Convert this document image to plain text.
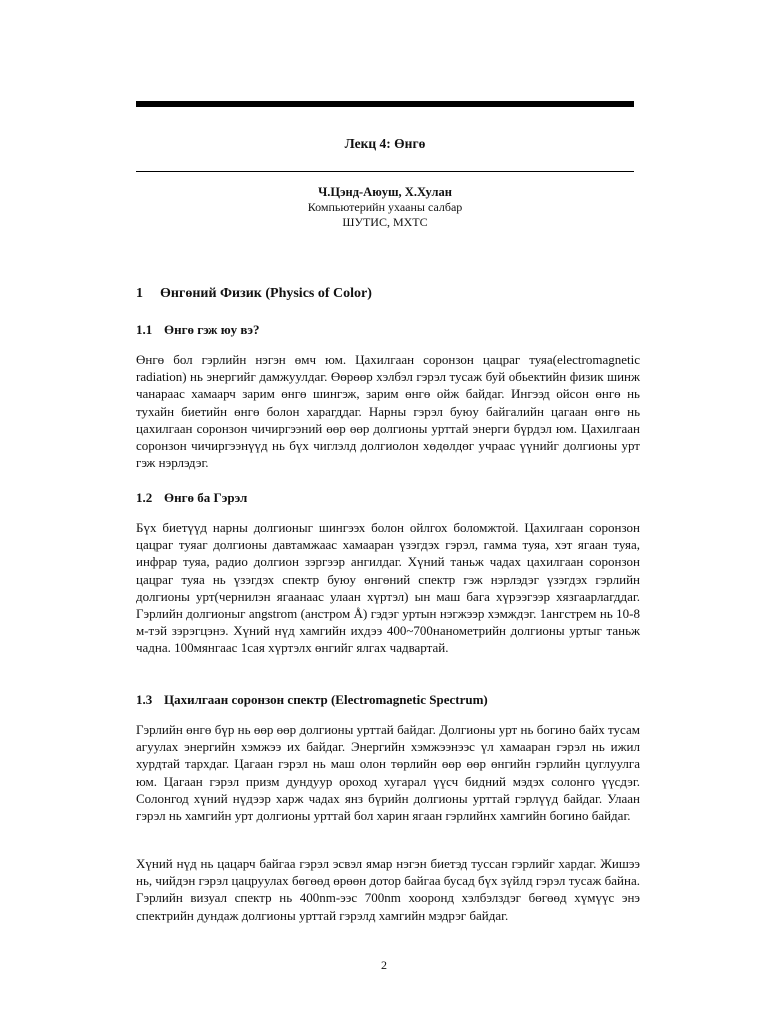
Лекц 4: Өнгө
Ч.Цэнд-Аюуш, Х.Хулан
Компьютерийн ухааны салбар
ШУТИС, МХТС
1 Өнгөний Физик (Physics of Color)
1.1 Өнгө гэж юу вэ?
Өнгө бол гэрлийн нэгэн өмч юм. Цахилгаан соронзон цацраг туяа(electromagnetic radiation) нь энергийг дамжуулдаг. Өөрөөр хэлбэл гэрэл тусаж буй обьектийн физик шинж чанараас хамаарч зарим өнгө шингэж, зарим өнгө ойж байдаг. Ингээд ойсон өнгө нь тухайн биетийн өнгө болон харагддаг. Нарны гэрэл буюу байгалийн цагаан өнгө нь цахилгаан соронзон чичиргээний өөр өөр долгионы урттай энерги бүрдэл юм. Цахилгаан соронзон чичиргээнүүд нь бүх чиглэлд долгиолон хөдөлдөг учраас үүнийг долгионы урт гэж нэрлэдэг.
1.2 Өнгө ба Гэрэл
Бүх биетүүд нарны долгионыг шингээх болон ойлгох боломжтой. Цахилгаан соронзон цацраг туяаг долгионы давтамжаас хамааран үзэгдэх гэрэл, гамма туяа, хэт ягаан туяа, инфрар туяа, радио долгион зэргээр ангилдаг. Хүний таньж чадах цахилгаан соронзон цацраг туяа нь үзэгдэх спектр буюу өнгөний спектр гэж нэрлэдэг үзэгдэх гэрлийн долгионы урт(чернилэн ягаанаас улаан хүртэл) ын маш бага хүрээгээр хязгаарлагддаг. Гэрлийн долгионыг angstrom (анстром Å) гэдэг уртын нэгжээр хэмждэг. 1ангстрем нь 10-8 м-тэй зэрэгцэнэ. Хүний нүд хамгийн ихдээ 400~700нанометрийн долгионы уртыг таньж чадна. 100мянгаас 1сая хүртэлх өнгийг ялгах чадвартай.
1.3 Цахилгаан соронзон спектр (Electromagnetic Spectrum)
Гэрлийн өнгө бүр нь өөр өөр долгионы урттай байдаг. Долгионы урт нь богино байх тусам агуулах энергийн хэмжээ их байдаг. Энергийн хэмжээнээс үл хамааран гэрэл нь ижил хурдтай тархдаг. Цагаан гэрэл нь маш олон төрлийн өөр өөр өнгийн гэрлийн цуглуулга юм. Цагаан гэрэл призм дундуур ороход хугарал үүсч бидний мэдэх солонго үүсдэг. Солонгод хүний нүдээр харж чадах янз бүрийн долгионы урттай гэрлүүд байдаг. Улаан гэрэл нь хамгийн урт долгионы урттай бол харин ягаан гэрлийнх хамгийн богино байдаг.
Хүний нүд нь цацарч байгаа гэрэл эсвэл ямар нэгэн биетэд туссан гэрлийг хардаг. Жишээ нь, чийдэн гэрэл цацруулах бөгөөд өрөөн дотор байгаа бусад бүх зүйлд гэрэл тусаж байна. Гэрлийн визуал спектр нь 400nm-ээс 700nm хооронд хэлбэлздэг бөгөөд хүмүүс энэ спектрийн дундаж долгионы урттай гэрэлд хамгийн мэдрэг байдаг.
2
